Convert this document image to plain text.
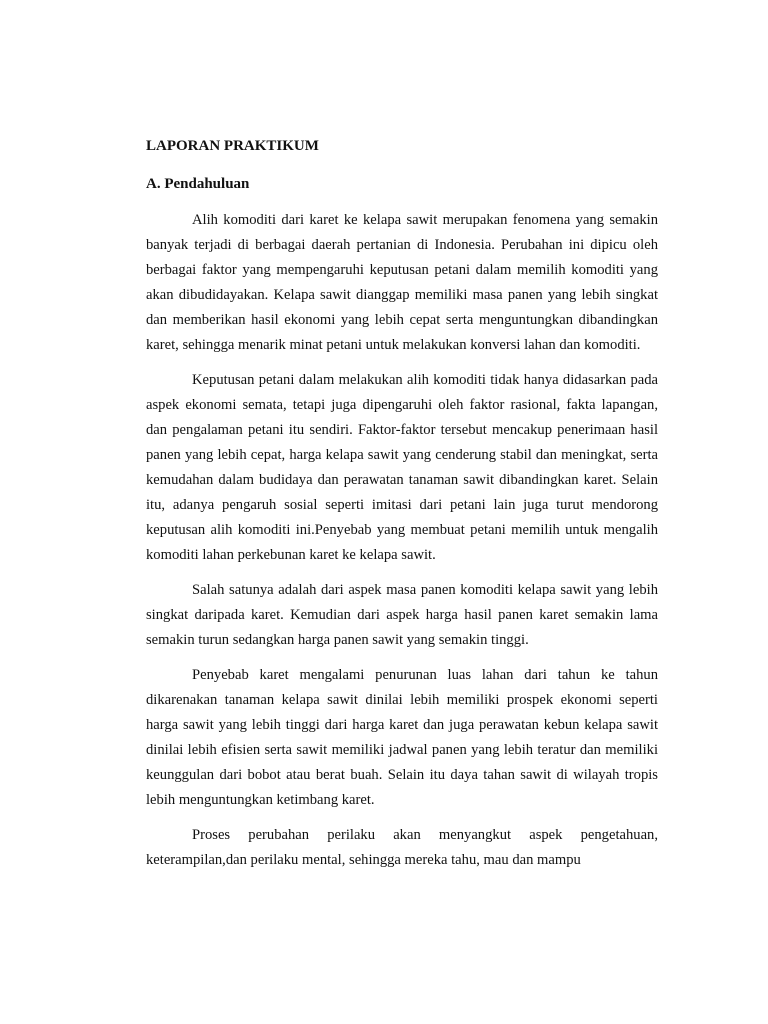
LAPORAN PRAKTIKUM
A. Pendahuluan

Alih komoditi dari karet ke kelapa sawit merupakan fenomena yang semakin banyak terjadi di berbagai daerah pertanian di Indonesia. Perubahan ini dipicu oleh berbagai faktor yang mempengaruhi keputusan petani dalam memilih komoditi yang akan dibudidayakan. Kelapa sawit dianggap memiliki masa panen yang lebih singkat dan memberikan hasil ekonomi yang lebih cepat serta menguntungkan dibandingkan karet, sehingga menarik minat petani untuk melakukan konversi lahan dan komoditi.

Keputusan petani dalam melakukan alih komoditi tidak hanya didasarkan pada aspek ekonomi semata, tetapi juga dipengaruhi oleh faktor rasional, fakta lapangan, dan pengalaman petani itu sendiri. Faktor-faktor tersebut mencakup penerimaan hasil panen yang lebih cepat, harga kelapa sawit yang cenderung stabil dan meningkat, serta kemudahan dalam budidaya dan perawatan tanaman sawit dibandingkan karet. Selain itu, adanya pengaruh sosial seperti imitasi dari petani lain juga turut mendorong keputusan alih komoditi ini.Penyebab yang membuat petani memilih untuk mengalih komoditi lahan perkebunan karet ke kelapa sawit.

Salah satunya adalah dari aspek masa panen komoditi kelapa sawit yang lebih singkat daripada karet. Kemudian dari aspek harga hasil panen karet semakin lama semakin turun sedangkan harga panen sawit yang semakin tinggi.

Penyebab karet mengalami penurunan luas lahan dari tahun ke tahun dikarenakan tanaman kelapa sawit dinilai lebih memiliki prospek ekonomi seperti harga sawit yang lebih tinggi dari harga karet dan juga perawatan kebun kelapa sawit dinilai lebih efisien serta sawit memiliki jadwal panen yang lebih teratur dan memiliki keunggulan dari bobot atau berat buah. Selain itu daya tahan sawit di wilayah tropis lebih menguntungkan ketimbang karet.

Proses perubahan perilaku akan menyangkut aspek pengetahuan, keterampilan,dan perilaku mental, sehingga mereka tahu, mau dan mampu
